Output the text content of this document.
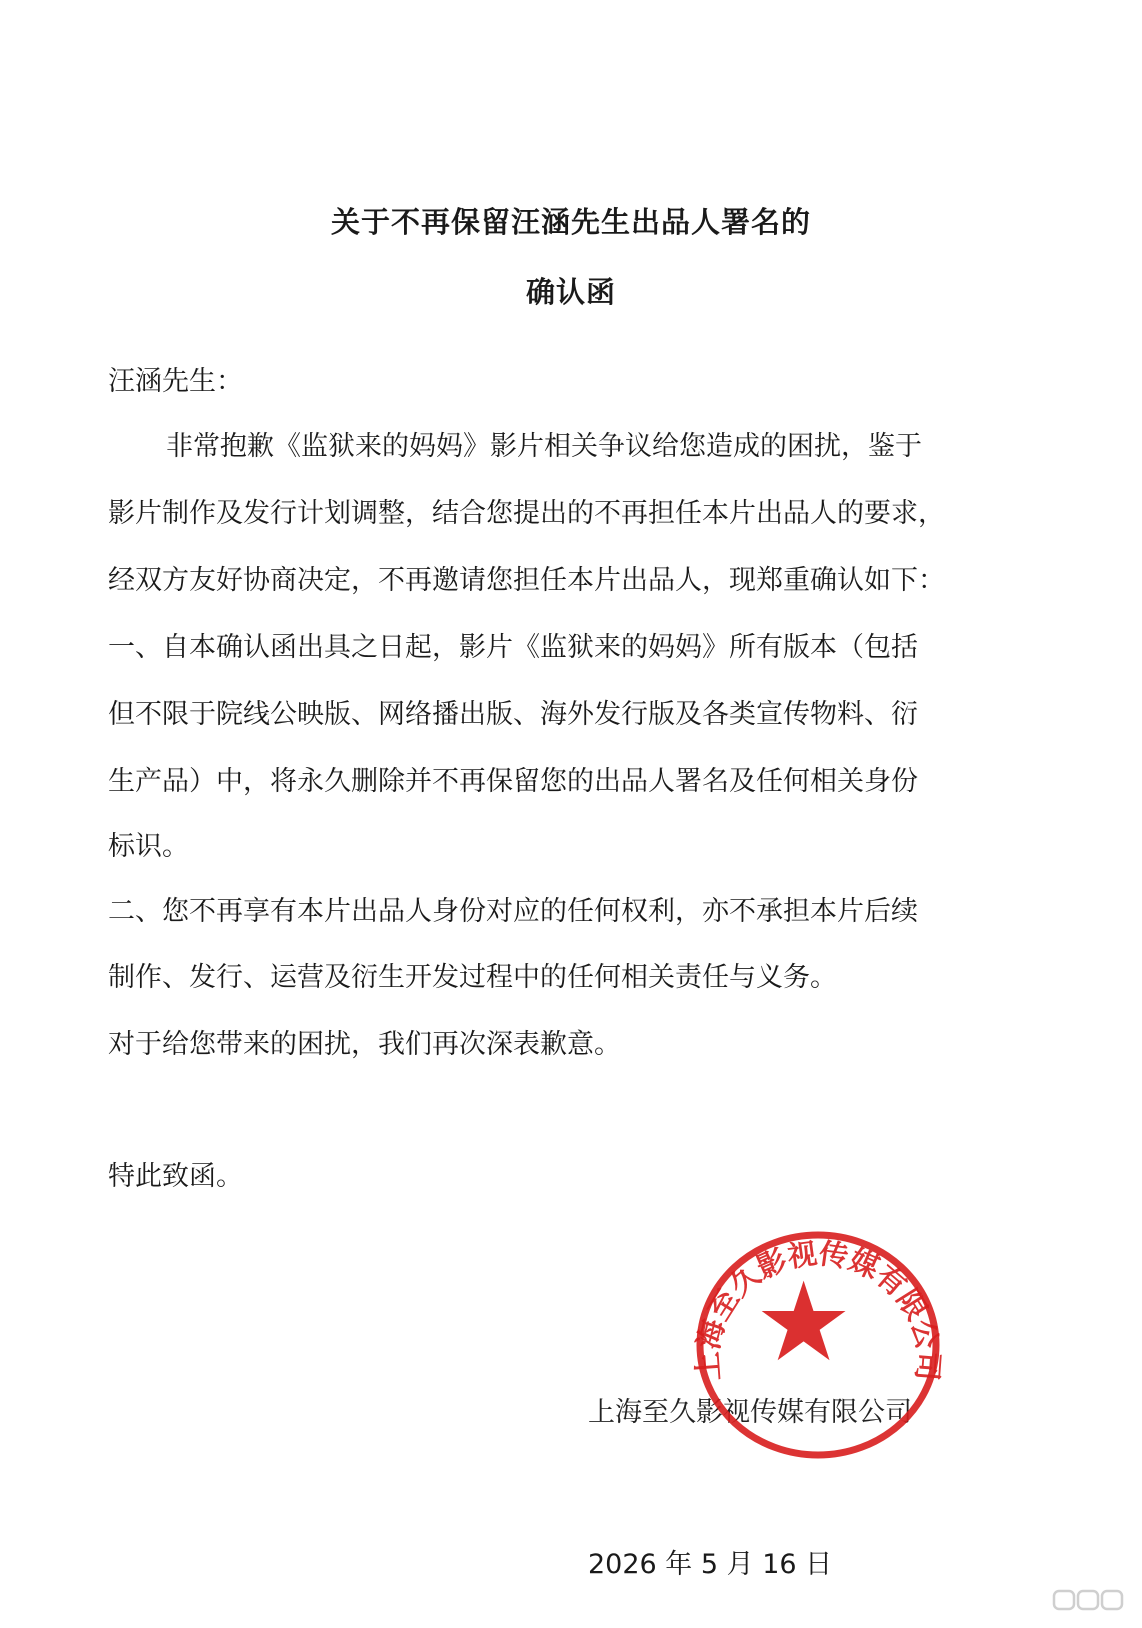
关于不再保留汪涵先生出品人署名的
确认函

汪涵先生：

非常抱歉《监狱来的妈妈》影片相关争议给您造成的困扰，鉴于

影片制作及发行计划调整，结合您提出的不再担任本片出品人的要求，

经双方友好协商决定，不再邀请您担任本片出品人，现郑重确认如下：

一、自本确认函出具之日起，影片《监狱来的妈妈》所有版本（包括

但不限于院线公映版、网络播出版、海外发行版及各类宣传物料、衍

生产品）中，将永久删除并不再保留您的出品人署名及任何相关身份

标识。

二、您不再享有本片出品人身份对应的任何权利，亦不承担本片后续

制作、发行、运营及衍生开发过程中的任何相关责任与义务。

对于给您带来的困扰，我们再次深表歉意。

特此致函。

上海至久影视传媒有限公司

上海至久影视传媒有限公司

2026 年 5 月 16 日
